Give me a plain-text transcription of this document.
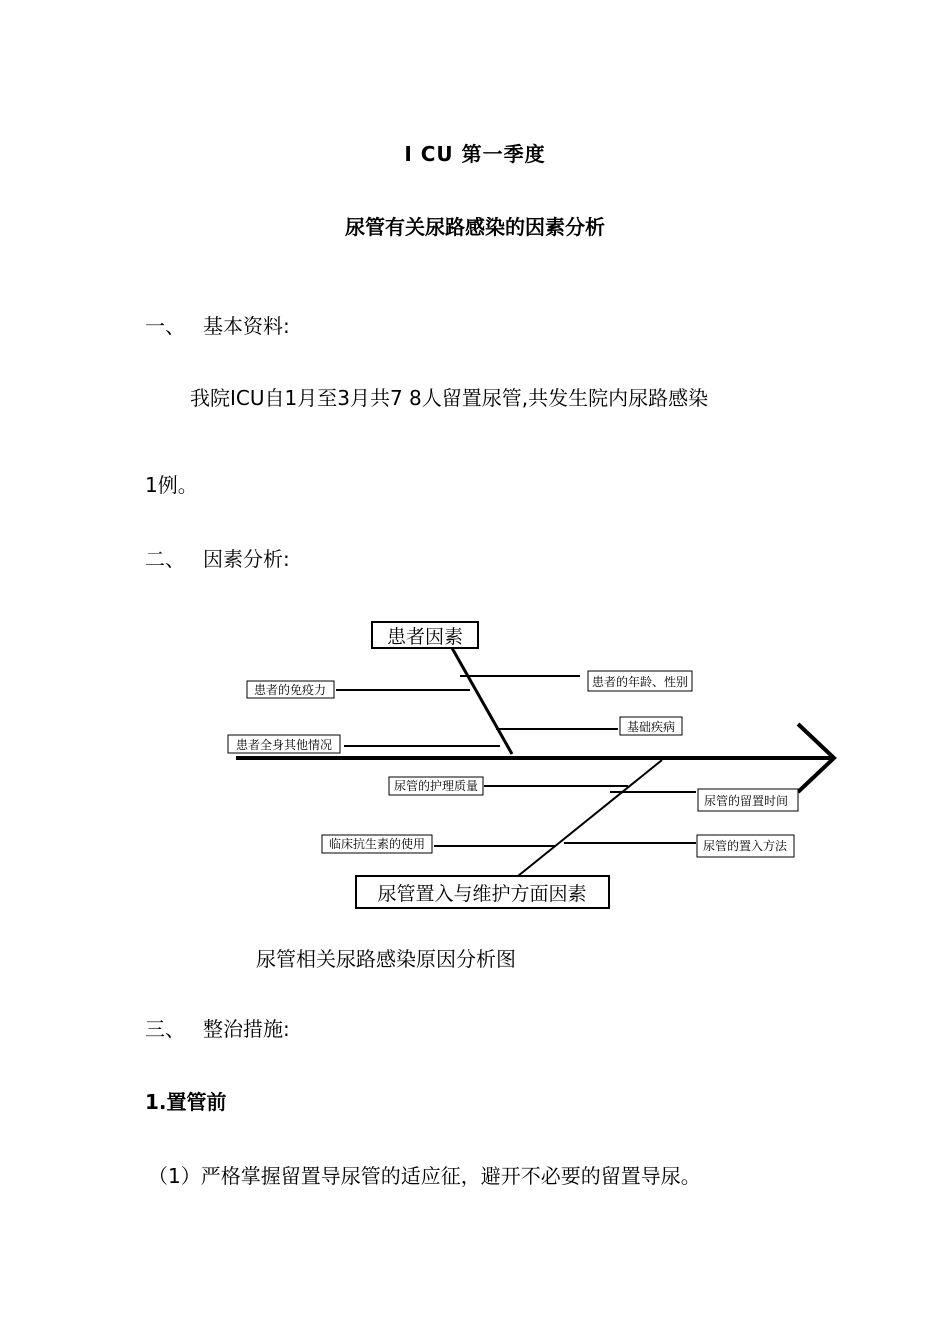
I CU 第一季度
尿管有关尿路感染的因素分析
一、 基本资料:
我院ICU自1月至3月共7 8人留置尿管,共发生院内尿路感染
1例。
二、 因素分析:
患者因素
患者的免疫力
患者的年龄、性别
基础疾病
患者全身其他情况
尿管的护理质量
尿管的留置时间
临床抗生素的使用	尿管的置入方法
尿管置入与维护方面因素
尿管相关尿路感染原因分析图
三、 整治措施:
1.置管前
（1）严格掌握留置导尿管的适应征，避开不必要的留置导尿。
